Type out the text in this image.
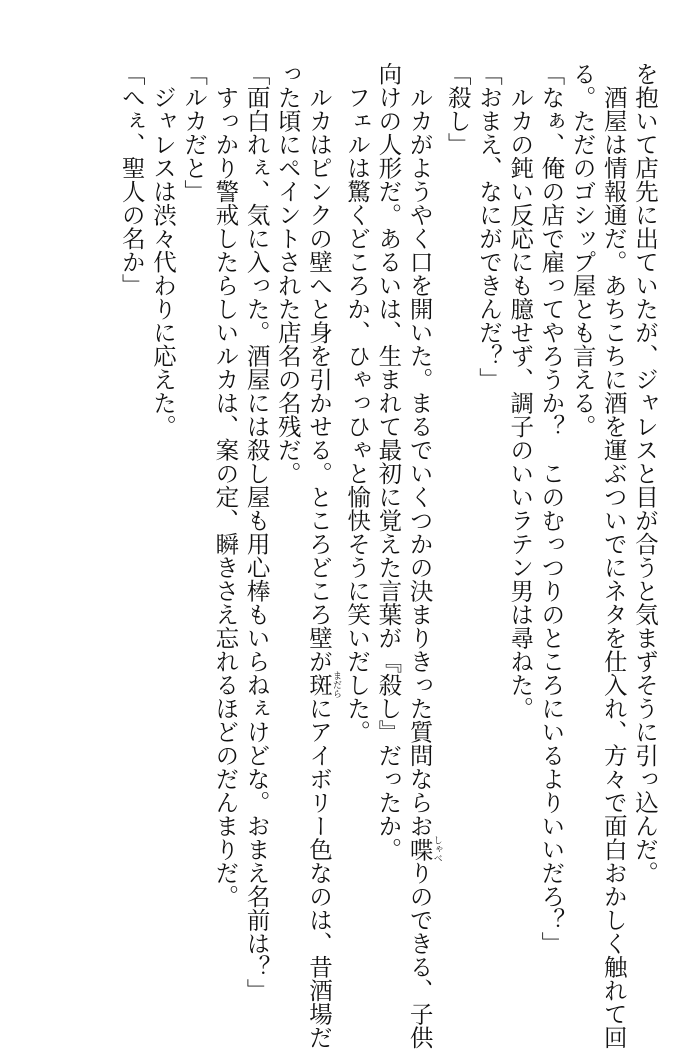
を抱いて店先に出ていたが、ジャレスと目が合うと気まずそうに引っ込んだ。
　酒屋は情報通だ。あちこちに酒を運ぶついでにネタを仕入れ、方々で面白おかしく触れて回
る。ただのゴシップ屋とも言える。
「なぁ、俺の店で雇ってやろうか？　このむっつりのところにいるよりいいだろ？」
　ルカの鈍い反応にも臆せず、調子のいいラテン男は尋ねた。
「おまえ、なにができんだ？」
「殺し」
　ルカがようやく口を開いた。まるでいくつかの決まりきった質問ならお喋しゃべりのできる、子供
向けの人形だ。あるいは、生まれて最初に覚えた言葉が『殺し』だったか。
　フェルは驚くどころか、ひゃっひゃと愉快そうに笑いだした。
　ルカはピンクの壁へと身を引かせる。ところどころ壁が斑まだらにアイボリー色なのは、昔酒場だ
った頃にペイントされた店名の名残だ。
「面白れぇ、気に入った。酒屋には殺し屋も用心棒もいらねぇけどな。おまえ名前は？」
　すっかり警戒したらしいルカは、案の定、瞬きさえ忘れるほどのだんまりだ。
「ルカだと」
　ジャレスは渋々代わりに応えた。
「へぇ、聖人の名か」
